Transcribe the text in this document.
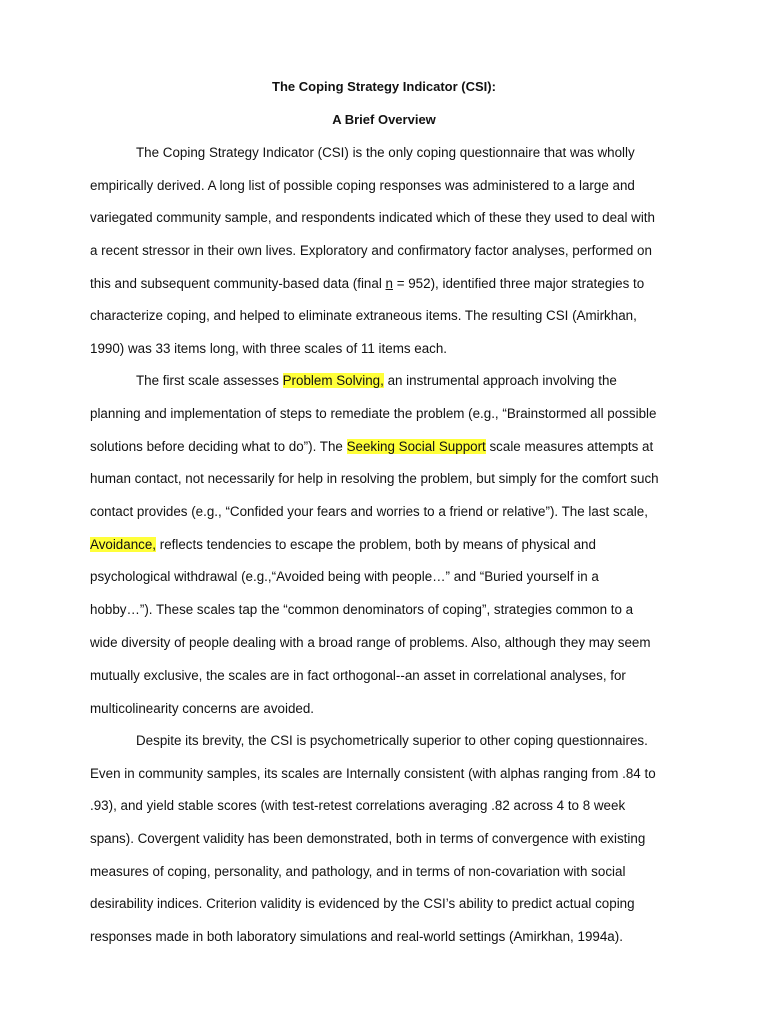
The Coping Strategy Indicator (CSI):
A Brief Overview
The Coping Strategy Indicator (CSI) is the only coping questionnaire that was wholly
empirically derived. A long list of possible coping responses was administered to a large and
variegated community sample, and respondents indicated which of these they used to deal with
a recent stressor in their own lives. Exploratory and confirmatory factor analyses, performed on
this and subsequent community-based data (final n = 952), identified three major strategies to
characterize coping, and helped to eliminate extraneous items. The resulting CSI (Amirkhan,
1990) was 33 items long, with three scales of 11 items each.
The first scale assesses Problem Solving, an instrumental approach involving the
planning and implementation of steps to remediate the problem (e.g., “Brainstormed all possible
solutions before deciding what to do”). The Seeking Social Support scale measures attempts at
human contact, not necessarily for help in resolving the problem, but simply for the comfort such
contact provides (e.g., “Confided your fears and worries to a friend or relative”). The last scale,
Avoidance, reflects tendencies to escape the problem, both by means of physical and
psychological withdrawal (e.g.,“Avoided being with people…” and “Buried yourself in a
hobby…”). These scales tap the “common denominators of coping”, strategies common to a
wide diversity of people dealing with a broad range of problems. Also, although they may seem
mutually exclusive, the scales are in fact orthogonal--an asset in correlational analyses, for
multicolinearity concerns are avoided.
Despite its brevity, the CSI is psychometrically superior to other coping questionnaires.
Even in community samples, its scales are Internally consistent (with alphas ranging from .84 to
.93), and yield stable scores (with test-retest correlations averaging .82 across 4 to 8 week
spans). Covergent validity has been demonstrated, both in terms of convergence with existing
measures of coping, personality, and pathology, and in terms of non-covariation with social
desirability indices. Criterion validity is evidenced by the CSI’s ability to predict actual coping
responses made in both laboratory simulations and real-world settings (Amirkhan, 1994a).
